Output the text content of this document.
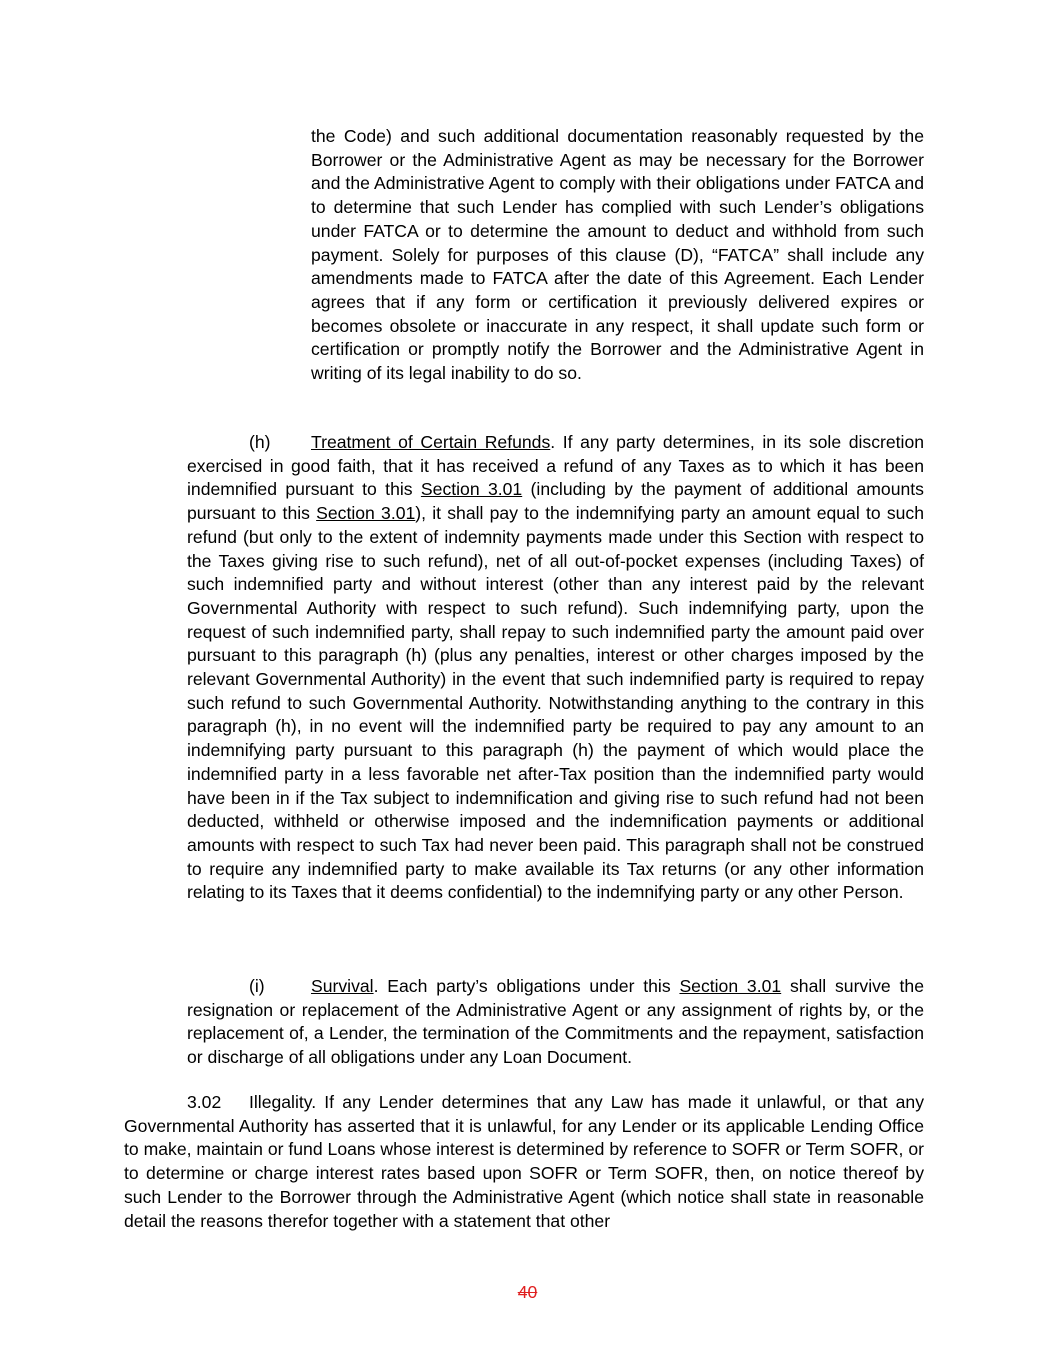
the Code) and such additional documentation reasonably requested by the Borrower or the Administrative Agent as may be necessary for the Borrower and the Administrative Agent to comply with their obligations under FATCA and to determine that such Lender has complied with such Lender’s obligations under FATCA or to determine the amount to deduct and withhold from such payment. Solely for purposes of this clause (D), “FATCA” shall include any amendments made to FATCA after the date of this Agreement. Each Lender agrees that if any form or certification it previously delivered expires or becomes obsolete or inaccurate in any respect, it shall update such form or certification or promptly notify the Borrower and the Administrative Agent in writing of its legal inability to do so.

(h) Treatment of Certain Refunds. If any party determines, in its sole discretion exercised in good faith, that it has received a refund of any Taxes as to which it has been indemnified pursuant to this Section 3.01 (including by the payment of additional amounts pursuant to this Section 3.01), it shall pay to the indemnifying party an amount equal to such refund (but only to the extent of indemnity payments made under this Section with respect to the Taxes giving rise to such refund), net of all out-of-pocket expenses (including Taxes) of such indemnified party and without interest (other than any interest paid by the relevant Governmental Authority with respect to such refund). Such indemnifying party, upon the request of such indemnified party, shall repay to such indemnified party the amount paid over pursuant to this paragraph (h) (plus any penalties, interest or other charges imposed by the relevant Governmental Authority) in the event that such indemnified party is required to repay such refund to such Governmental Authority. Notwithstanding anything to the contrary in this paragraph (h), in no event will the indemnified party be required to pay any amount to an indemnifying party pursuant to this paragraph (h) the payment of which would place the indemnified party in a less favorable net after-Tax position than the indemnified party would have been in if the Tax subject to indemnification and giving rise to such refund had not been deducted, withheld or otherwise imposed and the indemnification payments or additional amounts with respect to such Tax had never been paid. This paragraph shall not be construed to require any indemnified party to make available its Tax returns (or any other information relating to its Taxes that it deems confidential) to the indemnifying party or any other Person.

(i)	Survival. Each party’s obligations under this Section 3.01 shall survive the resignation or replacement of the Administrative Agent or any assignment of rights by, or the replacement of, a Lender, the termination of the Commitments and the repayment, satisfaction or discharge of all obligations under any Loan Document.

3.02 Illegality. If any Lender determines that any Law has made it unlawful, or that any Governmental Authority has asserted that it is unlawful, for any Lender or its applicable Lending Office to make, maintain or fund Loans whose interest is determined by reference to SOFR or Term SOFR, or to determine or charge interest rates based upon SOFR or Term SOFR, then, on notice thereof by such Lender to the Borrower through the Administrative Agent (which notice shall state in reasonable detail the reasons therefor together with a statement that other

40
